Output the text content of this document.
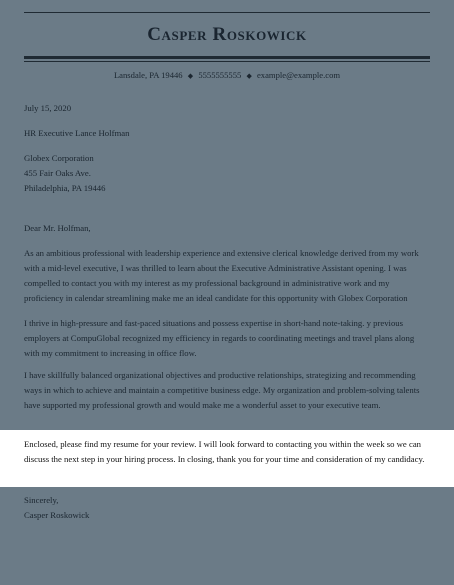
Casper Roskowick
Lansdale, PA 19446 ◆ 5555555555 ◆ example@example.com
July 15, 2020
HR Executive Lance Holfman
Globex Corporation
455 Fair Oaks Ave.
Philadelphia, PA 19446
Dear Mr. Holfman,
As an ambitious professional with leadership experience and extensive clerical knowledge derived from my work with a mid-level executive, I was thrilled to learn about the Executive Administrative Assistant opening. I was compelled to contact you with my interest as my professional background in administrative work and my proficiency in calendar streamlining make me an ideal candidate for this opportunity with Globex Corporation
I thrive in high-pressure and fast-paced situations and possess expertise in short-hand note-taking. y previous employers at CompuGlobal recognized my efficiency in regards to coordinating meetings and travel plans along with my commitment to increasing in office flow.
I have skillfully balanced organizational objectives and productive relationships, strategizing and recommending ways in which to achieve and maintain a competitive business edge. My organization and problem-solving talents have supported my professional growth and would make me a wonderful asset to your executive team.
Enclosed, please find my resume for your review. I will look forward to contacting you within the week so we can discuss the next step in your hiring process. In closing, thank you for your time and consideration of my candidacy.
Sincerely,
Casper Roskowick
